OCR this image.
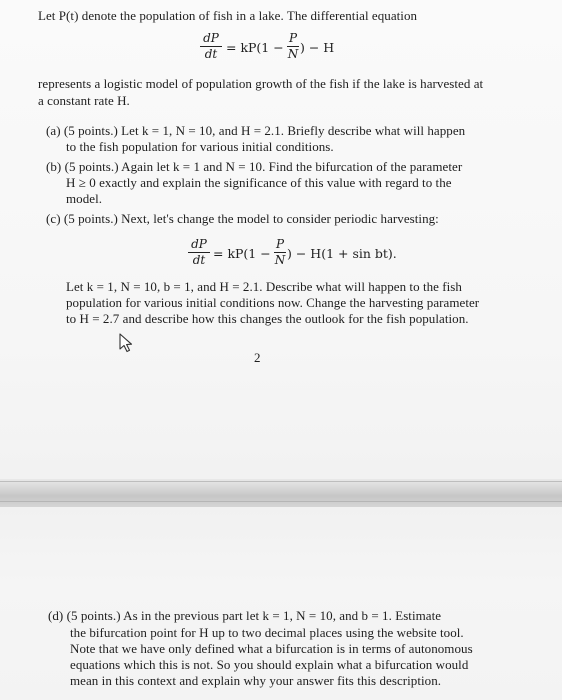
Let P(t) denote the population of fish in a lake. The differential equation
dP
dt = kP(1 −
P
N ) − H
represents a logistic model of population growth of the fish if the lake is harvested at
a constant rate H.
(a) (5 points.) Let k = 1, N = 10, and H = 2.1. Briefly describe what will happen
to the fish population for various initial conditions.
(b) (5 points.) Again let k = 1 and N = 10. Find the bifurcation of the parameter
H ≥ 0 exactly and explain the significance of this value with regard to the
model.
(c) (5 points.) Next, let's change the model to consider periodic harvesting:
dP
dt = kP(1 −
P
N ) − H(1 + sin bt).
Let k = 1, N = 10, b = 1, and H = 2.1. Describe what will happen to the fish
population for various initial conditions now. Change the harvesting parameter
to H = 2.7 and describe how this changes the outlook for the fish population.
2
(d) (5 points.) As in the previous part let k = 1, N = 10, and b = 1. Estimate
the bifurcation point for H up to two decimal places using the website tool.
Note that we have only defined what a bifurcation is in terms of autonomous
equations which this is not. So you should explain what a bifurcation would
mean in this context and explain why your answer fits this description.
